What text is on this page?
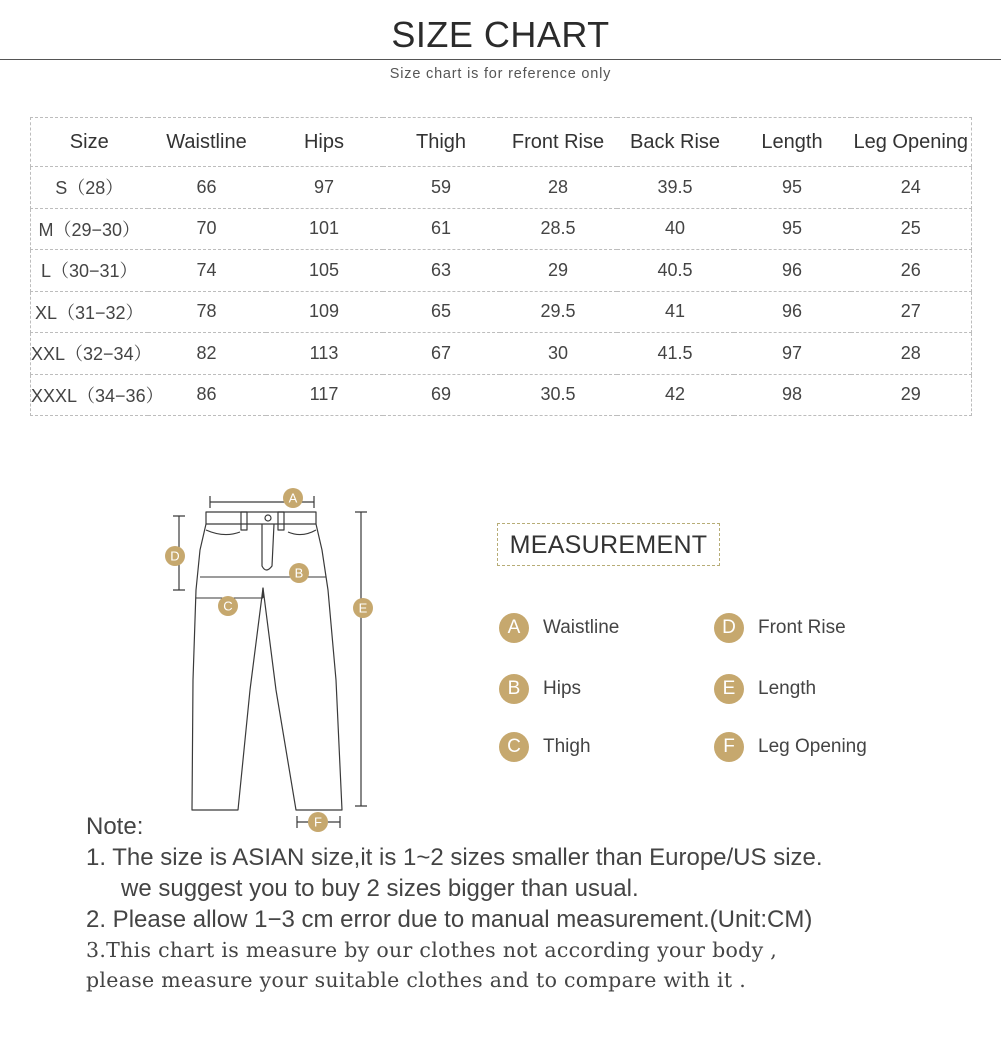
SIZE CHART
Size chart is for reference only
Size	Waistline	Hips	Thigh	Front Rise	Back Rise	Length	Leg Opening
S（28）	66	97	59	28	39.5	95	24
M（29−30）	70	101	61	28.5	40	95	25
L（30−31）	74	105	63	29	40.5	96	26
XL（31−32）	78	109	65	29.5	41	96	27
XXL（32−34）	82	113	67	30	41.5	97	28
XXXL（34−36）	86	117	69	30.5	42	98	29
A
B
C
D
E
F
MEASUREMENT
A	Waistline
B	Hips
C	Thigh
D	Front Rise
E	Length
F	Leg Opening
Note:
1. The size is ASIAN size,it is 1~2 sizes smaller than Europe/US size.
we suggest you to buy 2 sizes bigger than usual.
2. Please allow 1−3 cm error due to manual measurement.(Unit:CM)
3.This chart is measure by our clothes not according your body ,
please measure your suitable clothes and to compare with it .
